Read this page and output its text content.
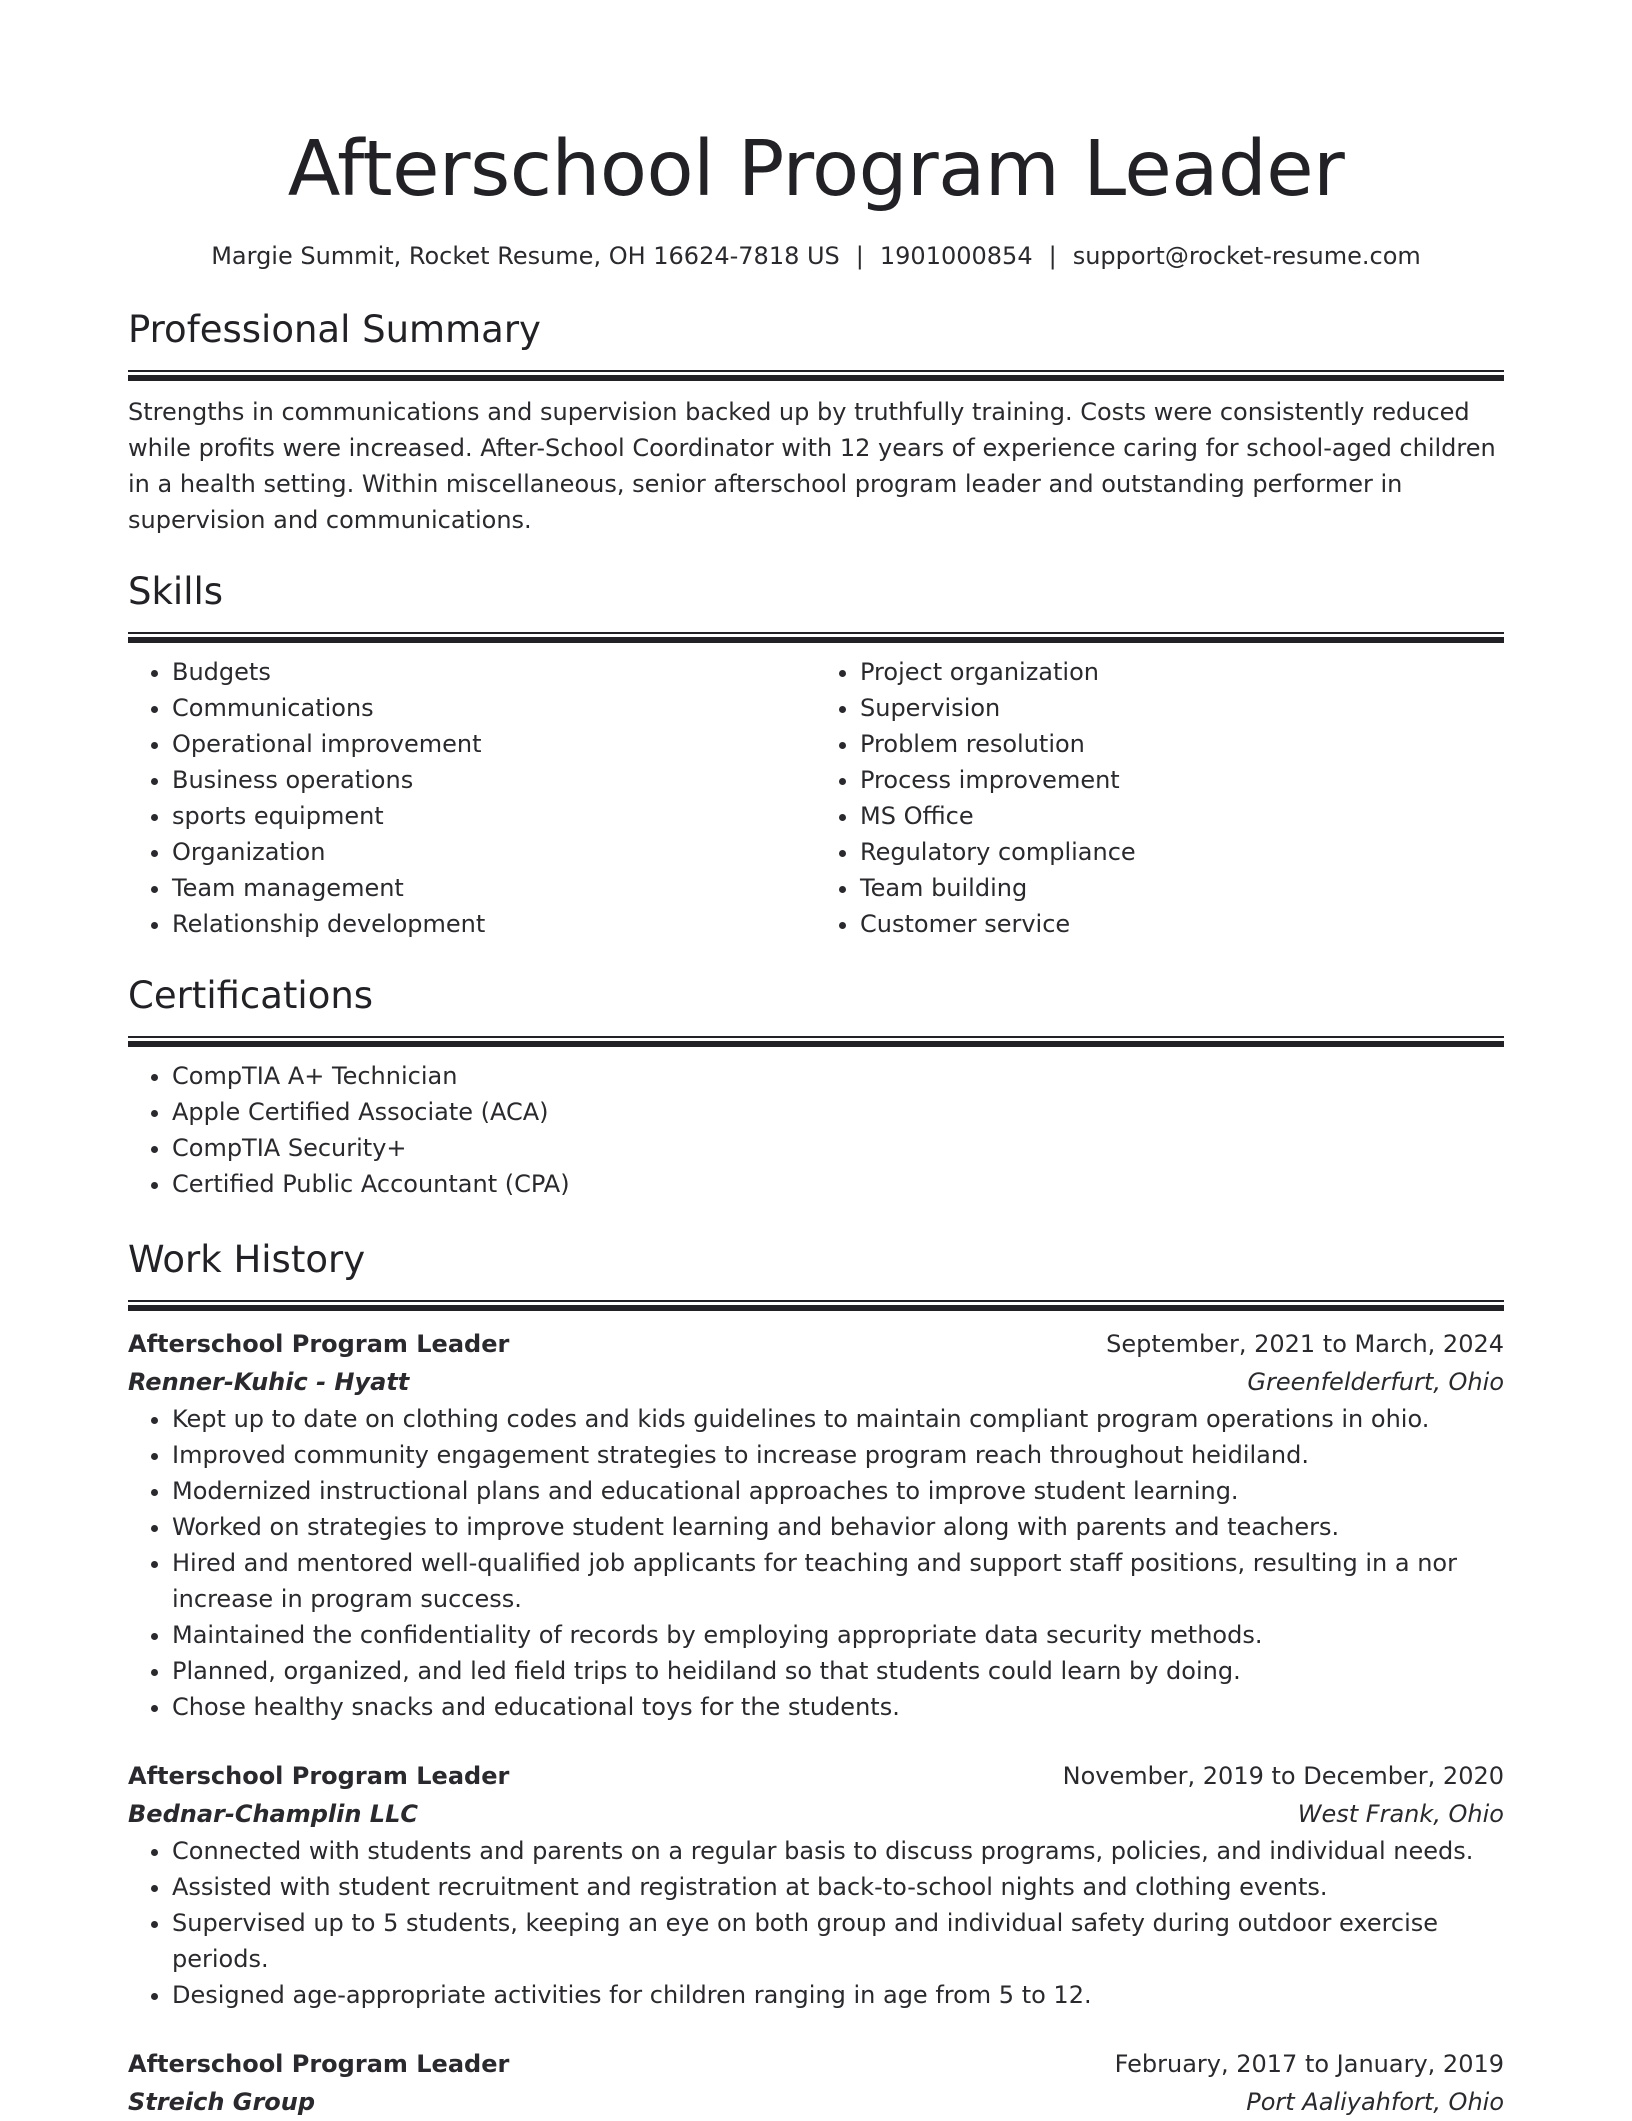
Afterschool Program Leader
Margie Summit, Rocket Resume, OH 16624-7818 US | 1901000854 | support@rocket-resume.com
Professional Summary

Strengths in communications and supervision backed up by truthfully training. Costs were consistently reduced while profits were increased. After-School Coordinator with 12 years of experience caring for school-aged children in a health setting. Within miscellaneous, senior afterschool program leader and outstanding performer in supervision and communications.

Skills
• Budgets
• Communications
• Operational improvement
• Business operations
• sports equipment
• Organization
• Team management
• Relationship development
• Project organization
• Supervision
• Problem resolution
• Process improvement
• MS Office
• Regulatory compliance
• Team building
• Customer service
Certifications
• CompTIA A+ Technician
• Apple Certified Associate (ACA)
• CompTIA Security+
• Certified Public Accountant (CPA)
Work History
Afterschool Program Leader	September, 2021 to March, 2024
Renner-Kuhic - Hyatt	Greenfelderfurt, Ohio
• Kept up to date on clothing codes and kids guidelines to maintain compliant program operations in ohio.
• Improved community engagement strategies to increase program reach throughout heidiland.
• Modernized instructional plans and educational approaches to improve student learning.
• Worked on strategies to improve student learning and behavior along with parents and teachers.
• Hired and mentored well-qualified job applicants for teaching and support staff positions, resulting in a nor increase in program success.
• Maintained the confidentiality of records by employing appropriate data security methods.
• Planned, organized, and led field trips to heidiland so that students could learn by doing.
• Chose healthy snacks and educational toys for the students.
Afterschool Program Leader	November, 2019 to December, 2020
Bednar-Champlin LLC	West Frank, Ohio
• Connected with students and parents on a regular basis to discuss programs, policies, and individual needs.
• Assisted with student recruitment and registration at back-to-school nights and clothing events.
• Supervised up to 5 students, keeping an eye on both group and individual safety during outdoor exercise periods.
• Designed age-appropriate activities for children ranging in age from 5 to 12.
Afterschool Program Leader	February, 2017 to January, 2019
Streich Group	Port Aaliyahfort, Ohio
